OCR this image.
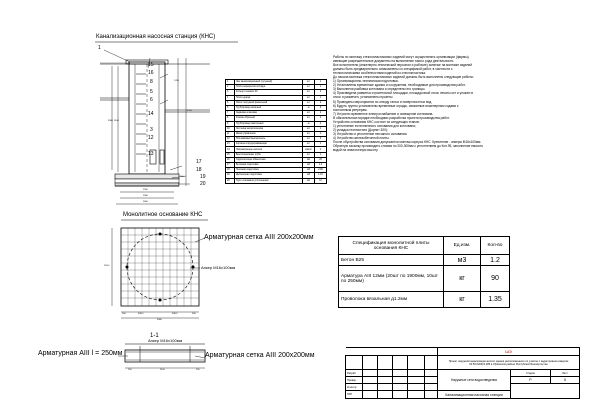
Канализационная насосная станция (КНС)
1
15
16
8
5
6
14
3
12
13
17
18
19
20
2550
2900
2600
3300 3100
1700
200
4700
1	Люк канализационный (чугунный)	шт	1
2	Плита перекрытия колодца	шт	1
3	Кольцо стеновое КС	шт	2
4	Плита днища	шт	1
5	Насос погружной фекальный	шт	2
6	Трубопровод напорный	м	6
7	Задвижка клиновая	шт	2
8	Клапан обратный	шт	2
9	Трубопровод самотечный	м	4
10	Лестница металлическая	шт	1
11	Шкаф управления	шт	1
12	Поплавковый выключатель	шт	3
13	Корзина сороудерживающая	шт	1
14	Направляющие насосов	компл	1
15	Вентиляционная труба	шт	1
16	Гидроизоляция обмазочная	м2	22
17	Бетонная подготовка	м3	1.2
18	Песчаная подготовка	м3	2.90
19	Щебеночная подготовка	м3	1.10
20	Грунт основания уплотненный	м2	12
Работы по монтажу стеклопластиковых изделий могут осуществлять организации (фирмы),
имеющие разрешительные документы на выполнение такого рода деятельности.
Все исполнители (инженерно-технический персонал и рабочие) занятые на монтаже изделий
должны быть предварительно ознакомлены со спецификой работ, в частности с
технологическими особенностями изделий из стеклопластика.
До начала монтажа стеклопластиковых изделий должны быть выполнены следующие работы:
1) Организационно-техническая подготовка.
2) Установлены временные здания и сооружения, необходимые для производства работ.
3) Выполнена разбивка котлована и определены его границы.
4) Произведена разметка строительной площадки, площадочный откос печаты окт и уложен в
откос и размечен, установлены прозеты.
5) Проведены мероприятия по отводу талых и поверхностных вод.
6) Будуть грунты установлены временные ограды, связанные инженерным ходами к
постоянным репрерам.
7) Устроено временное электроснабжение и освещение котлована.
В обязательном порядке необходимо разработка проекта производства работ.
Устройство основания КНС состоит из следующих этапов:
1) уплотнение естественного основания для котлована;
2) укладка геотекстиля (Дорнит 300);
3) Устройство и уплотнение песчаного основания.
4) Устройство железобетонной плиты.
После обустройства основания допускается монтаж корпуса КНС. Крепление - анкеры М16х100мм.
Обратную засыпку производить слоями по 200-300мм с уплотнением до Ксп.95, заполнение емкость
водой на аналогичную высоту.
Монолитное основание КНС
Арматурная сетка АIII 200х200мм
Анкер М16х100мм
300	638,5
3000
638,5	300
263,5
1-1
Анкер М16х100мм
Арматурная АIII l = 250мм	Арматурная сетка АIII 200х200мм
250	3100	250
Спецификация монолитной плиты основания КНС	Ед.изм.	Кол-во
Бетон В25	м3	1.2
Арматура АIII 12мм (20шт по 1900мм, 10шт по 250мм)	кг	90
Проволока вязальная д1.2мм	кг	1.35
						ШЭ		
						Проект наружной канализации жилого здания расположенного по участке с кадастровым номером 02:56:020401:286 в Уфимском районе Республики Башкортостан		
Разраб.						Наружные сети водоотведения	Стадия	Лист
Провер.							Р	5
Н.контр.								
ГИП						Канализационная насосная станция		
